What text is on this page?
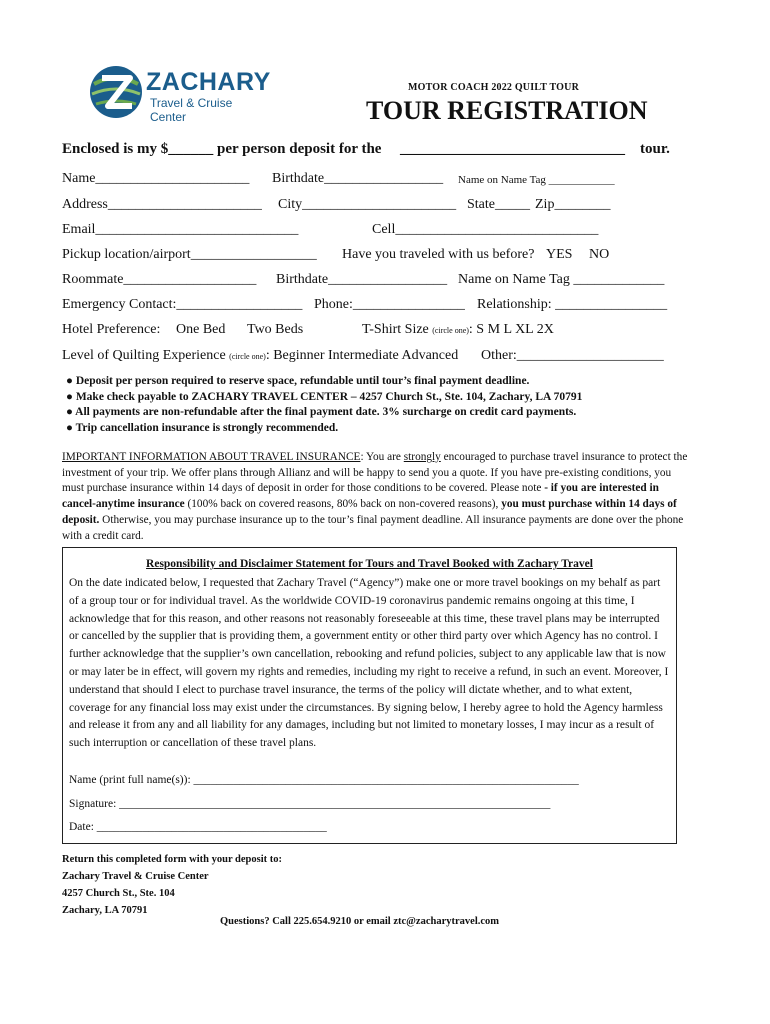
ZACHARY
Travel & Cruise Center
MOTOR COACH 2022 QUILT TOUR
TOUR REGISTRATION
Enclosed is my $______ per person deposit for the ______________________________ tour.
Name______________________ Birthdate_________________ Name on Name Tag ____________
Address______________________ City______________________ State_____ Zip________
Email_____________________________	Cell_____________________________
Pickup location/airport__________________ Have you traveled with us before? YES NO
Roommate___________________ Birthdate_________________ Name on Name Tag _____________
Emergency Contact:__________________ Phone:________________ Relationship: ________________
Hotel Preference: One Bed Two Beds	T-Shirt Size (circle one): S M L XL 2X
Level of Quilting Experience (circle one): Beginner Intermediate Advanced Other:_____________________
● Deposit per person required to reserve space, refundable until tour’s final payment deadline.
● Make check payable to ZACHARY TRAVEL CENTER – 4257 Church St., Ste. 104, Zachary, LA 70791
● All payments are non-refundable after the final payment date. 3% surcharge on credit card payments.
● Trip cancellation insurance is strongly recommended.

IMPORTANT INFORMATION ABOUT TRAVEL INSURANCE: You are strongly encouraged to purchase travel insurance to protect the investment of your trip. We offer plans through Allianz and will be happy to send you a quote. If you have pre-existing conditions, you must purchase insurance within 14 days of deposit in order for those conditions to be covered. Please note - if you are interested in cancel-anytime insurance (100% back on covered reasons, 80% back on non-covered reasons), you must purchase within 14 days of deposit. Otherwise, you may purchase insurance up to the tour’s final payment deadline. All insurance payments are done over the phone with a credit card.

Responsibility and Disclaimer Statement for Tours and Travel Booked with Zachary Travel
On the date indicated below, I requested that Zachary Travel (“Agency”) make one or more travel bookings on my behalf as part of a group tour or for individual travel. As the worldwide COVID-19 coronavirus pandemic remains ongoing at this time, I acknowledge that for this reason, and other reasons not reasonably foreseeable at this time, these travel plans may be interrupted or cancelled by the supplier that is providing them, a government entity or other third party over which Agency has no control. I further acknowledge that the supplier’s own cancellation, rebooking and refund policies, subject to any applicable law that is now or may later be in effect, will govern my rights and remedies, including my right to receive a refund, in such an event. Moreover, I understand that should I elect to purchase travel insurance, the terms of the policy will dictate whether, and to what extent, coverage for any financial loss may exist under the circumstances. By signing below, I hereby agree to hold the Agency harmless and release it from any and all liability for any damages, including but not limited to monetary losses, I may incur as a result of such interruption or cancellation of these travel plans.
Name (print full name(s)): ___________________________________________________________________
Signature: ___________________________________________________________________________
Date: ________________________________________
Return this completed form with your deposit to:
Zachary Travel & Cruise Center
4257 Church St., Ste. 104
Zachary, LA 70791
Questions? Call 225.654.9210 or email ztc@zacharytravel.com
